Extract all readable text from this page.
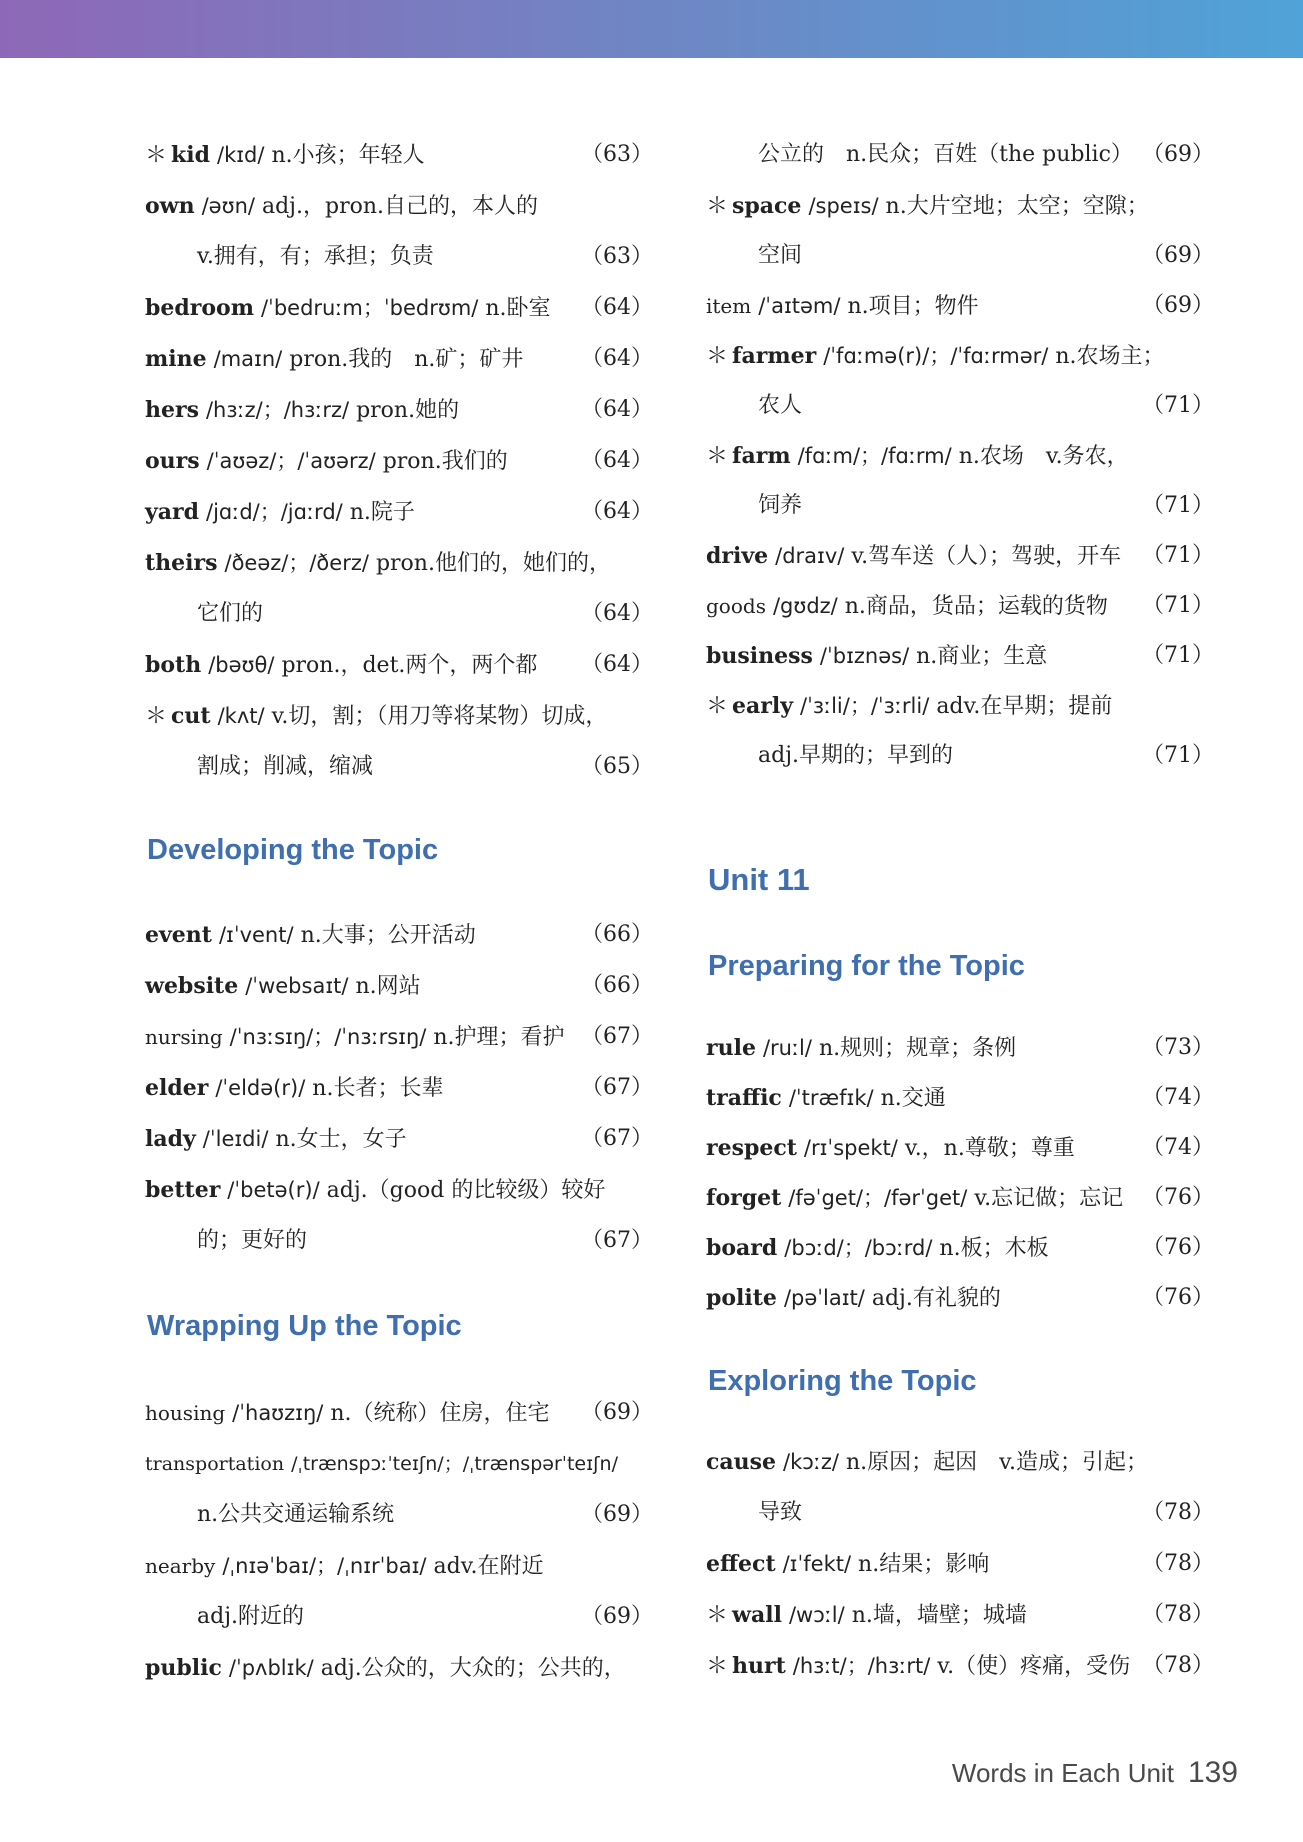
＊ kid /kɪd/ n.小孩；年轻人	（63）
own /əʊn/ adj.，pron.自己的，本人的
v.拥有，有；承担；负责	（63）
bedroom /ˈbedruːm；ˈbedrʊm/ n.卧室 （64）
mine /maɪn/ pron.我的　n.矿；矿井	（64）
hers /hɜːz/；/hɜːrz/ pron.她的	（64）
ours /ˈaʊəz/；/ˈaʊərz/ pron.我们的	（64）
yard /jɑːd/；/jɑːrd/ n.院子	（64）
theirs /ðeəz/；/ðerz/ pron.他们的，她们的，
它们的	（64）
both /bəʊθ/ pron.，det.两个，两个都 （64）
＊ cut /kʌt/ v.切，割；（用刀等将某物）切成，
割成；削减，缩减	（65）
Developing the Topic
event /ɪˈvent/ n.大事；公开活动	（66）
website /ˈwebsaɪt/ n.网站	（66）
nursing /ˈnɜːsɪŋ/；/ˈnɜːrsɪŋ/ n.护理；看护 （67）
elder /ˈeldə(r)/ n.长者；长辈	（67）
lady /ˈleɪdi/ n.女士，女子	（67）
better /ˈbetə(r)/ adj.（good 的比较级）较好
的；更好的	（67）
Wrapping Up the Topic
housing /ˈhaʊzɪŋ/ n.（统称）住房，住宅 （69）
transportation /ˌtrænspɔːˈteɪʃn/；/ˌtrænspərˈteɪʃn/
n.公共交通运输系统	（69）
nearby /ˌnɪəˈbaɪ/；/ˌnɪrˈbaɪ/ adv.在附近
adj.附近的	（69）
public /ˈpʌblɪk/ adj.公众的，大众的；公共的，
公立的　n.民众；百姓（the public） （69）
＊ space /speɪs/ n.大片空地；太空；空隙；
空间	（69）
item /ˈaɪtəm/ n.项目；物件	（69）
＊ farmer /ˈfɑːmə(r)/；/ˈfɑːrmər/ n.农场主；
农人	（71）
＊ farm /fɑːm/；/fɑːrm/ n.农场　v.务农，
饲养	（71）
drive /draɪv/ v.驾车送（人）；驾驶，开车 （71）
goods /gʊdz/ n.商品，货品；运载的货物 （71）
business /ˈbɪznəs/ n.商业；生意	（71）
＊ early /ˈɜːli/；/ˈɜːrli/ adv.在早期；提前
adj.早期的；早到的	（71）
Unit 11
Preparing for the Topic
rule /ruːl/ n.规则；规章；条例	（73）
traffic /ˈtræfɪk/ n.交通	（74）
respect /rɪˈspekt/ v.，n.尊敬；尊重	（74）
forget /fəˈget/；/fərˈget/ v.忘记做；忘记 （76）
board /bɔːd/；/bɔːrd/ n.板；木板	（76）
polite /pəˈlaɪt/ adj.有礼貌的	（76）
Exploring the Topic
cause /kɔːz/ n.原因；起因　v.造成；引起；
导致	（78）
effect /ɪˈfekt/ n.结果；影响	（78）
＊ wall /wɔːl/ n.墙，墙壁；城墙	（78）
＊ hurt /hɜːt/；/hɜːrt/ v.（使）疼痛，受伤 （78）
Words in Each Unit 139
